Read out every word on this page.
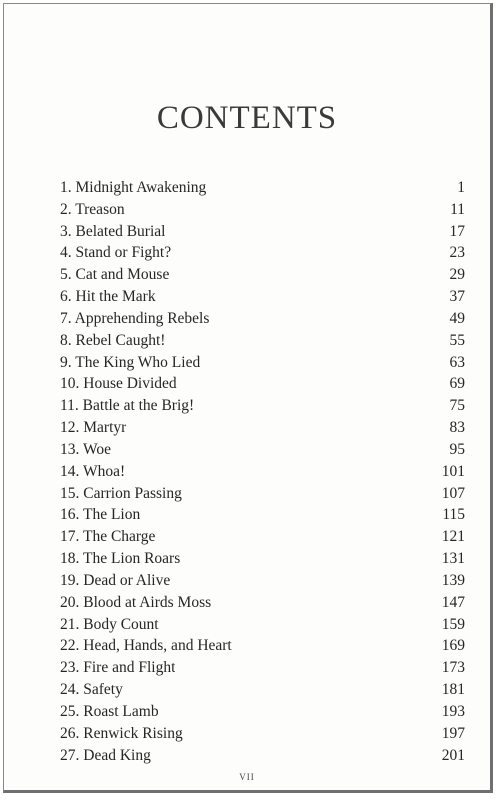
CONTENTS
1. Midnight Awakening	1
2. Treason	11
3. Belated Burial	17
4. Stand or Fight?	23
5. Cat and Mouse	29
6. Hit the Mark	37
7. Apprehending Rebels	49
8. Rebel Caught!	55
9. The King Who Lied	63
10. House Divided	69
11. Battle at the Brig!	75
12. Martyr	83
13. Woe	95
14. Whoa!	101
15. Carrion Passing	107
16. The Lion	115
17. The Charge	121
18. The Lion Roars	131
19. Dead or Alive	139
20. Blood at Airds Moss	147
21. Body Count	159
22. Head, Hands, and Heart	169
23. Fire and Flight	173
24. Safety	181
25. Roast Lamb	193
26. Renwick Rising	197
27. Dead King	201
VII
